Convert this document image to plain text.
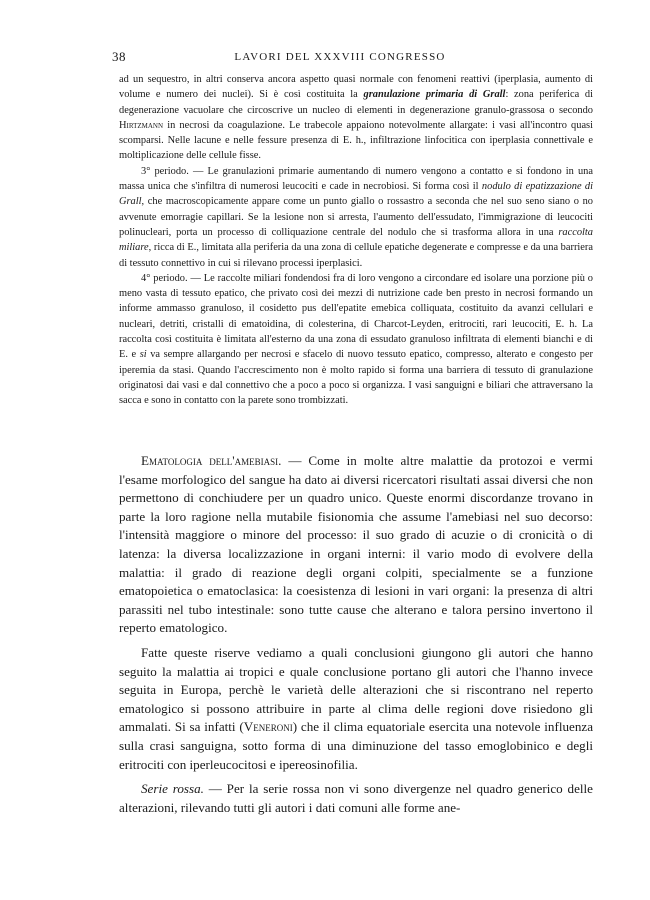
38	LAVORI DEL XXXVIII CONGRESSO

ad un sequestro, in altri conserva ancora aspetto quasi normale con fenomeni reattivi (iperplasia, aumento di volume e numero dei nuclei). Si è così costituita la granulazione primaria di Grall: zona periferica di degenerazione vacuolare che circoscrive un nucleo di elementi in degenerazione granulo-grassosa o secondo Hirtzmann in necrosi da coagulazione. Le trabecole appaiono notevolmente allargate: i vasi all'incontro quasi scomparsi. Nelle lacune e nelle fessure presenza di E. h., infiltrazione linfocitica con iperplasia connettivale e moltiplicazione delle cellule fisse.

3° periodo. — Le granulazioni primarie aumentando di numero vengono a contatto e si fondono in una massa unica che s'infiltra di numerosi leucociti e cade in necrobiosi. Si forma così il nodulo di epatizzazione di Grall, che macroscopicamente appare come un punto giallo o rossastro a seconda che nel suo seno siano o no avvenute emorragie capillari. Se la lesione non si arresta, l'aumento dell'essudato, l'immigrazione di leucociti polinucleari, porta un processo di colliquazione centrale del nodulo che si trasforma allora in una raccolta miliare, ricca di E., limitata alla periferia da una zona di cellule epatiche degenerate e compresse e da una barriera di tessuto connettivo in cui si rilevano processi iperplasici.

4° periodo. — Le raccolte miliari fondendosi fra di loro vengono a circondare ed isolare una porzione più o meno vasta di tessuto epatico, che privato così dei mezzi di nutrizione cade ben presto in necrosi formando un informe ammasso granuloso, il cosidetto pus dell'epatite emebica colliquata, costituito da avanzi cellulari e nucleari, detriti, cristalli di ematoidina, di colesterina, di Charcot-Leyden, eritrociti, rari leucociti, E. h. La raccolta così costituita è limitata all'esterno da una zona di essudato granuloso infiltrata di elementi bianchi e di E. e si va sempre allargando per necrosi e sfacelo di nuovo tessuto epatico, compresso, alterato e congesto per iperemia da stasi. Quando l'accrescimento non è molto rapido si forma una barriera di tessuto di granulazione originatosi dai vasi e dal connettivo che a poco a poco si organizza. I vasi sanguigni e biliari che attraversano la sacca e sono in contatto con la parete sono trombizzati.

Ematologia dell'amebiasi. — Come in molte altre malattie da protozoi e vermi l'esame morfologico del sangue ha dato ai diversi ricercatori risultati assai diversi che non permettono di conchiudere per un quadro unico. Queste enormi discordanze trovano in parte la loro ragione nella mutabile fisionomia che assume l'amebiasi nel suo decorso: l'intensità maggiore o minore del processo: il suo grado di acuzie o di cronicità o di latenza: la diversa localizzazione in organi interni: il vario modo di evolvere della malattia: il grado di reazione degli organi colpiti, specialmente se a funzione ematopoietica o ematoclasica: la coesistenza di lesioni in vari organi: la presenza di altri parassiti nel tubo intestinale: sono tutte cause che alterano e talora persino invertono il reperto ematologico.

Fatte queste riserve vediamo a quali conclusioni giungono gli autori che hanno seguito la malattia ai tropici e quale conclusione portano gli autori che l'hanno invece seguita in Europa, perchè le varietà delle alterazioni che si riscontrano nel reperto ematologico si possono attribuire in parte al clima delle regioni dove risiedono gli ammalati. Si sa infatti (Veneroni) che il clima equatoriale esercita una notevole influenza sulla crasi sanguigna, sotto forma di una diminuzione del tasso emoglobinico e degli eritrociti con iperleucocitosi e ipereosinofilia.

Serie rossa. — Per la serie rossa non vi sono divergenze nel quadro generico delle alterazioni, rilevando tutti gli autori i dati comuni alle forme ane-
